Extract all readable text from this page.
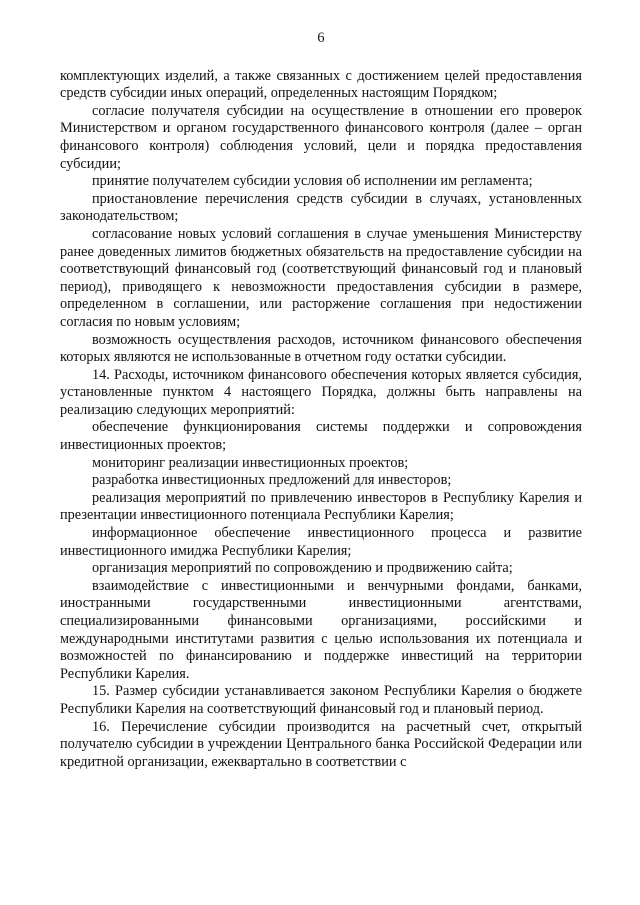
6

комплектующих изделий, а также связанных с достижением целей предоставления средств субсидии иных операций, определенных настоящим Порядком;

согласие получателя субсидии на осуществление в отношении его проверок Министерством и органом государственного финансового контроля (далее – орган финансового контроля) соблюдения условий, цели и порядка предоставления субсидии;

принятие получателем субсидии условия об исполнении им регламента;

приостановление перечисления средств субсидии в случаях, установленных законодательством;

согласование новых условий соглашения в случае уменьшения Министерству ранее доведенных лимитов бюджетных обязательств на предоставление субсидии на соответствующий финансовый год (соответствующий финансовый год и плановый период), приводящего к невозможности предоставления субсидии в размере, определенном в соглашении, или расторжение соглашения при недостижении согласия по новым условиям;

возможность осуществления расходов, источником финансового обеспечения которых являются не использованные в отчетном году остатки субсидии.

14. Расходы, источником финансового обеспечения которых является субсидия, установленные пунктом 4 настоящего Порядка, должны быть направлены на реализацию следующих мероприятий:

обеспечение функционирования системы поддержки и сопровождения инвестиционных проектов;

мониторинг реализации инвестиционных проектов;

разработка инвестиционных предложений для инвесторов;

реализация мероприятий по привлечению инвесторов в Республику Карелия и презентации инвестиционного потенциала Республики Карелия;

информационное обеспечение инвестиционного процесса и развитие инвестиционного имиджа Республики Карелия;

организация мероприятий по сопровождению и продвижению сайта;

взаимодействие с инвестиционными и венчурными фондами, банками, иностранными государственными инвестиционными агентствами, специализированными финансовыми организациями, российскими и международными институтами развития с целью использования их потенциала и возможностей по финансированию и поддержке инвестиций на территории Республики Карелия.

15. Размер субсидии устанавливается законом Республики Карелия о бюджете Республики Карелия на соответствующий финансовый год и плановый период.

16. Перечисление субсидии производится на расчетный счет, открытый получателю субсидии в учреждении Центрального банка Российской Федерации или кредитной организации, ежеквартально в соответствии с
